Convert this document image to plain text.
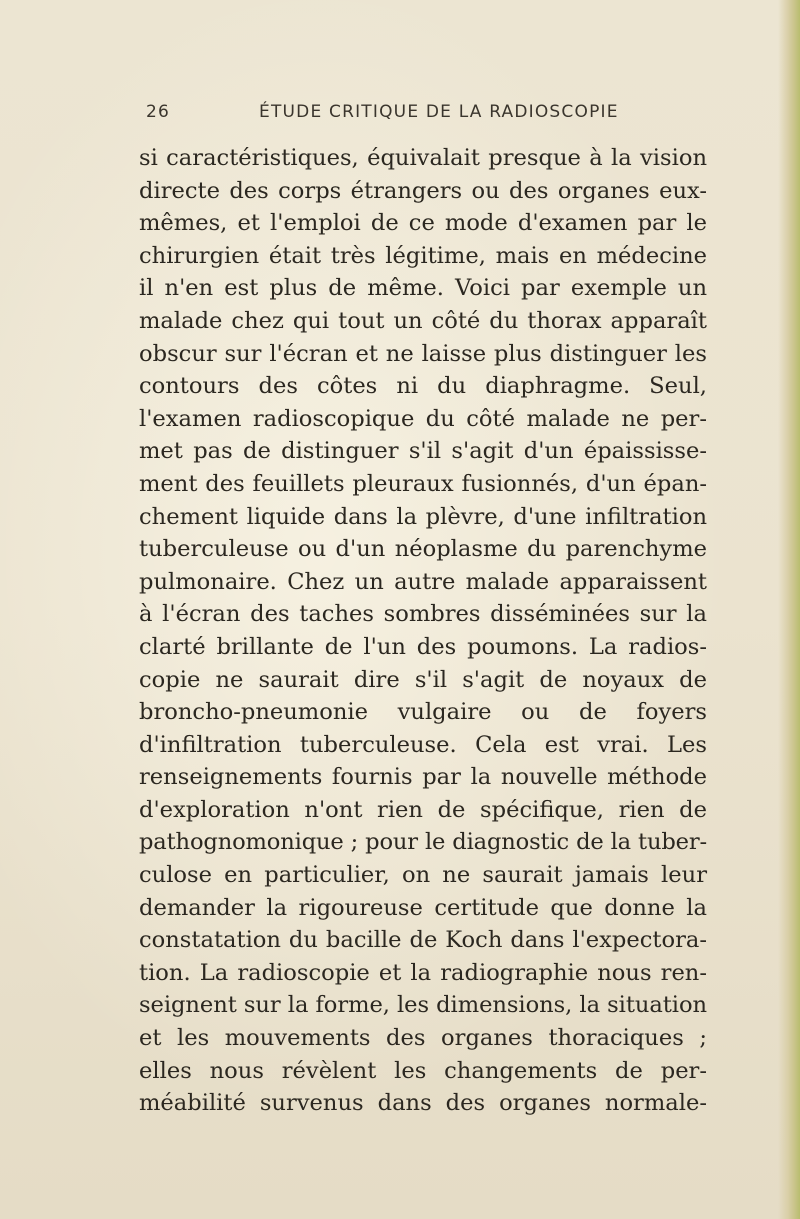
26	ÉTUDE CRITIQUE DE LA RADIOSCOPIE
si caractéristiques, équivalait presque à la vision
directe des corps étrangers ou des organes eux-
mêmes, et l'emploi de ce mode d'examen par le
chirurgien était très légitime, mais en médecine
il n'en est plus de même. Voici par exemple un
malade chez qui tout un côté du thorax apparaît
obscur sur l'écran et ne laisse plus distinguer les
contours des côtes ni du diaphragme. Seul,
l'examen radioscopique du côté malade ne per-
met pas de distinguer s'il s'agit d'un épaississe-
ment des feuillets pleuraux fusionnés, d'un épan-
chement liquide dans la plèvre, d'une infiltration
tuberculeuse ou d'un néoplasme du parenchyme
pulmonaire. Chez un autre malade apparaissent
à l'écran des taches sombres disséminées sur la
clarté brillante de l'un des poumons. La radios-
copie ne saurait dire s'il s'agit de noyaux de
broncho-pneumonie vulgaire ou de foyers
d'infiltration tuberculeuse. Cela est vrai. Les
renseignements fournis par la nouvelle méthode
d'exploration n'ont rien de spécifique, rien de
pathognomonique ; pour le diagnostic de la tuber-
culose en particulier, on ne saurait jamais leur
demander la rigoureuse certitude que donne la
constatation du bacille de Koch dans l'expectora-
tion. La radioscopie et la radiographie nous ren-
seignent sur la forme, les dimensions, la situation
et les mouvements des organes thoraciques ;
elles nous révèlent les changements de per-
méabilité survenus dans des organes normale-
